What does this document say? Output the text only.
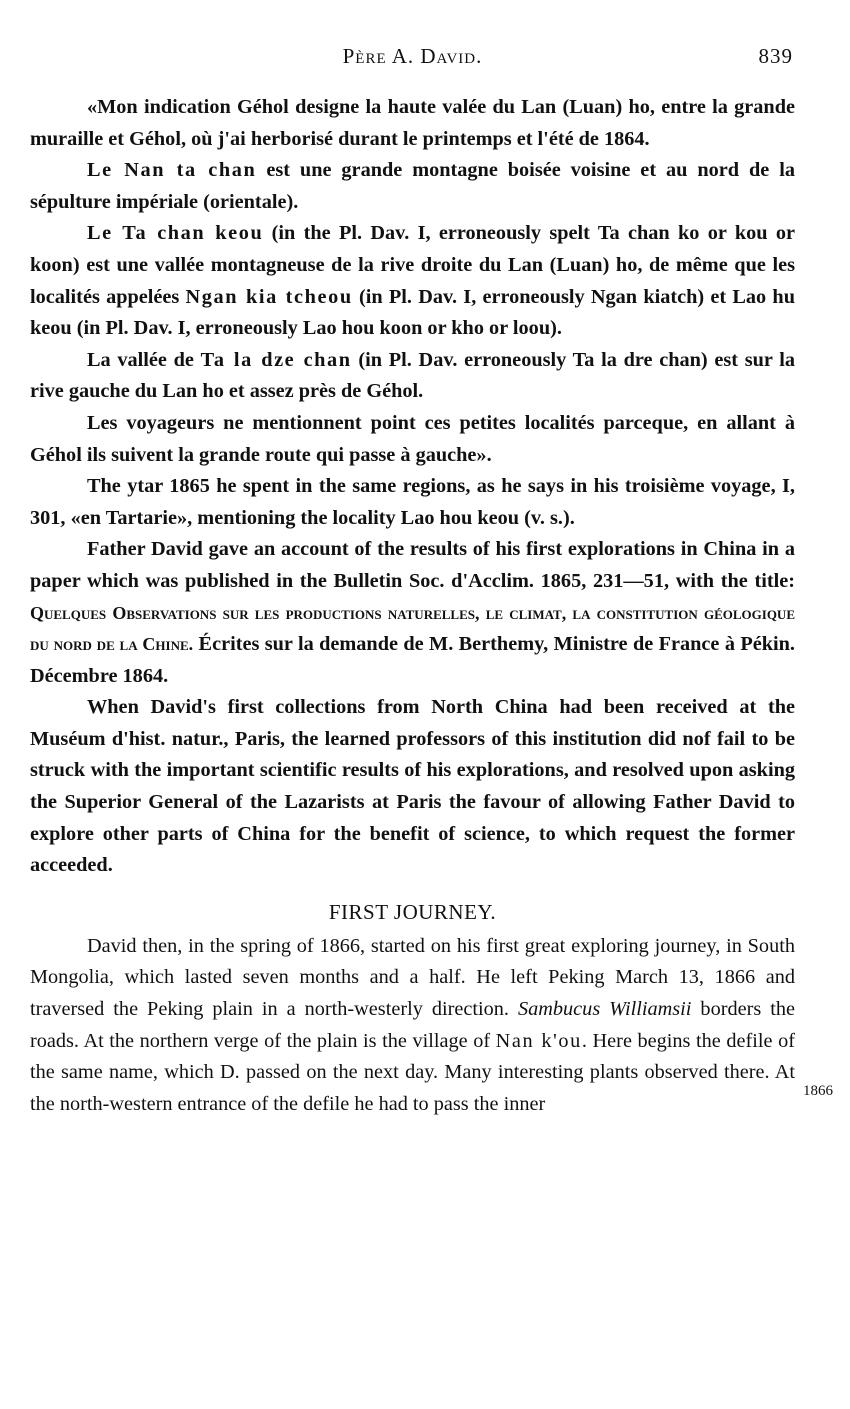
Père A. David.	839

«Mon indication Géhol designe la haute valée du Lan (Luan) ho, entre la grande muraille et Géhol, où j'ai herborisé durant le printemps et l'été de 1864.

Le Nan ta chan est une grande montagne boisée voisine et au nord de la sépulture impériale (orientale).

Le Ta chan keou (in the Pl. Dav. I, erroneously spelt Ta chan ko or kou or koon) est une vallée montagneuse de la rive droite du Lan (Luan) ho, de même que les localités appelées Ngan kia tcheou (in Pl. Dav. I, erroneously Ngan kiatch) et Lao hu keou (in Pl. Dav. I, erroneously Lao hou koon or kho or loou).

La vallée de Ta la dze chan (in Pl. Dav. erroneously Ta la dre chan) est sur la rive gauche du Lan ho et assez près de Géhol.

Les voyageurs ne mentionnent point ces petites localités parceque, en allant à Géhol ils suivent la grande route qui passe à gauche».

The ytar 1865 he spent in the same regions, as he says in his troisième voyage, I, 301, «en Tartarie», mentioning the locality Lao hou keou (v. s.).

Father David gave an account of the results of his first explorations in China in a paper which was published in the Bulletin Soc. d'Acclim. 1865, 231—51, with the title: Quelques Observations sur les productions naturelles, le climat, la constitution géologique du nord de la Chine. Écrites sur la demande de M. Berthemy, Ministre de France à Pékin. Décembre 1864.

When David's first collections from North China had been received at the Muséum d'hist. natur., Paris, the learned professors of this institution did nof fail to be struck with the important scientific results of his explorations, and resolved upon asking the Superior General of the Lazarists at Paris the favour of allowing Father David to explore other parts of China for the benefit of science, to which request the former acceeded.

FIRST JOURNEY.

David then, in the spring of 1866, started on his first great exploring journey, in South Mongolia, which lasted seven months and a half. He left Peking March 13, 1866 and traversed the Peking plain in a north-westerly direction. Sambucus Williamsii borders the roads. At the northern verge of the plain is the village of Nan k'ou. Here begins the defile of the same name, which D. passed on the next day. Many interesting plants observed there. At the north-western entrance of the defile he had to pass the inner

1866
